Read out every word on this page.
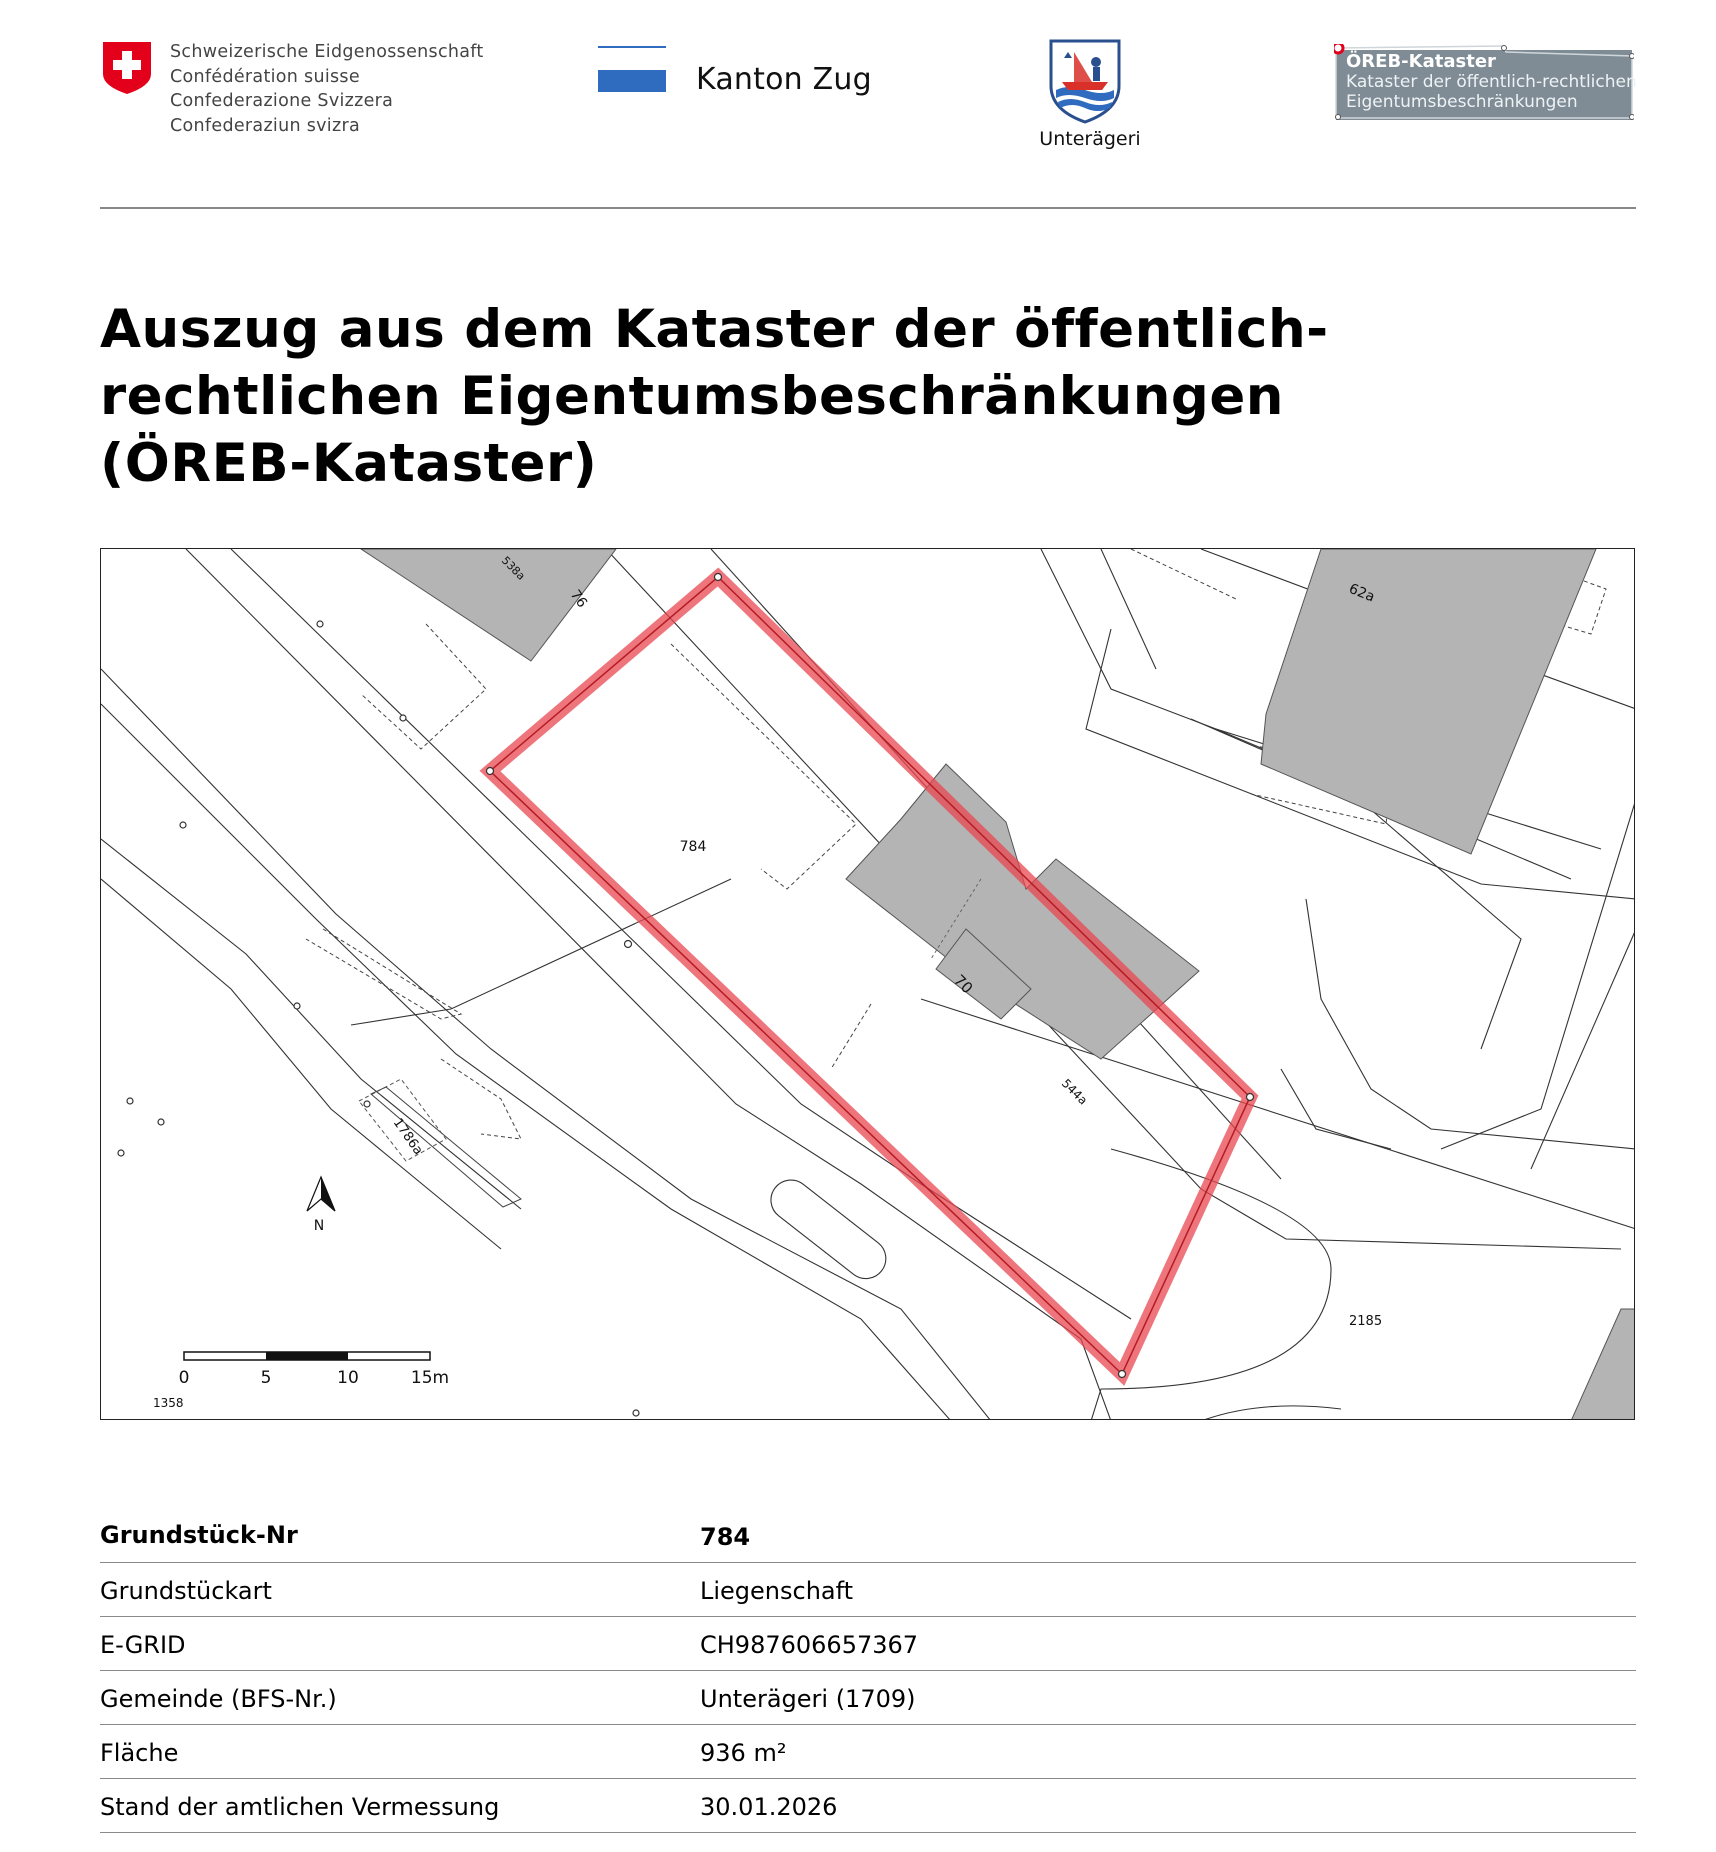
Schweizerische Eidgenossenschaft
Confédération suisse
Confederazione Svizzera
Confederaziun svizra
Kanton Zug
Unterägeri
ÖREB-Kataster
Kataster der öffentlich-rechtlichen
Eigentumsbeschränkungen
Auszug aus dem Kataster der öffentlich-
rechtlichen Eigentumsbeschränkungen
(ÖREB-Kataster)
784
70
544a
62a
76
538a
1786a
2185
1358
N
0	5	10	15m
Grundstück-Nr	784
Grundstückart	Liegenschaft
E-GRID	CH987606657367
Gemeinde (BFS-Nr.)	Unterägeri (1709)
Fläche	936 m²
Stand der amtlichen Vermessung	30.01.2026
